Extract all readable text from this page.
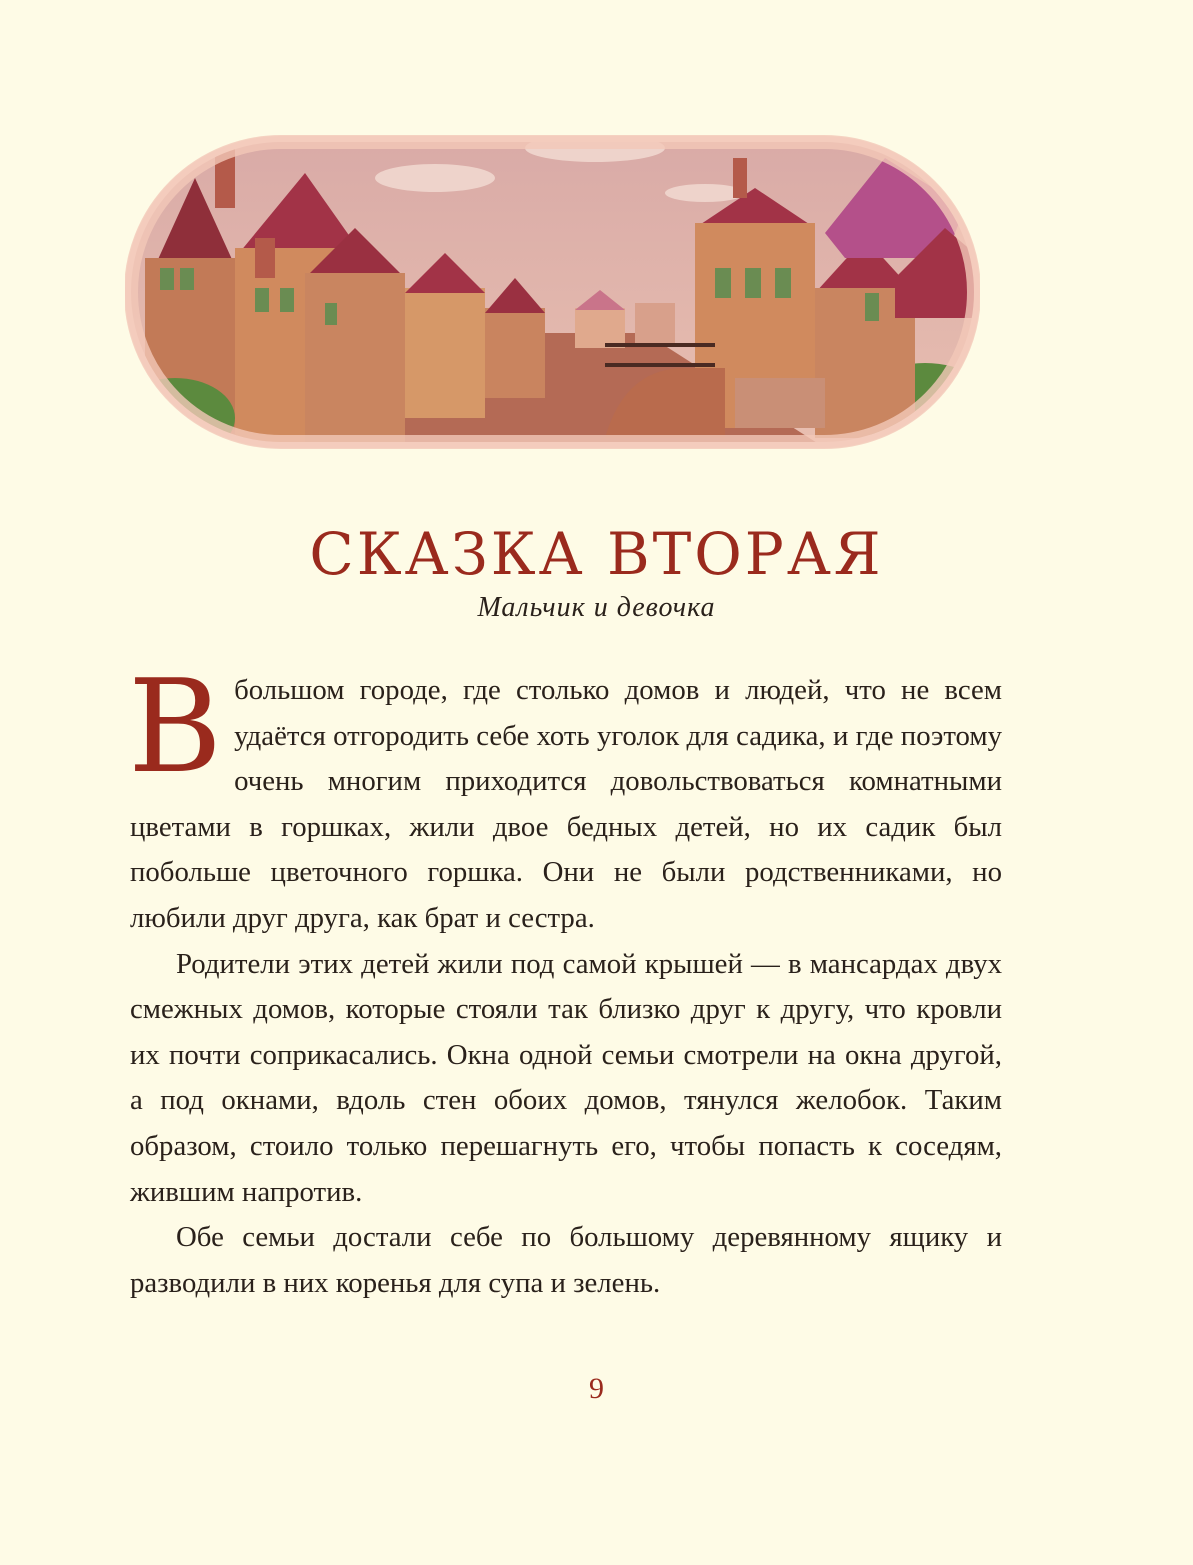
СКАЗКА ВТОРАЯ
Мальчик и девочка

В большом городе, где столько домов и людей, что не всем удаётся отгородить себе хоть уголок для садика, и где поэтому очень многим приходится довольствоваться комнатными цветами в горшках, жили двое бедных детей, но их садик был побольше цветочного горшка. Они не были родственниками, но любили друг друга, как брат и сестра.

Родители этих детей жили под самой крышей — в мансардах двух смежных домов, которые стояли так близко друг к другу, что кровли их почти соприкасались. Окна одной семьи смотрели на окна другой, а под окнами, вдоль стен обоих домов, тянулся желобок. Таким образом, стоило только перешагнуть его, чтобы попасть к соседям, жившим напротив.

Обе семьи достали себе по большому деревянному ящику и разводили в них коренья для супа и зелень.

9
